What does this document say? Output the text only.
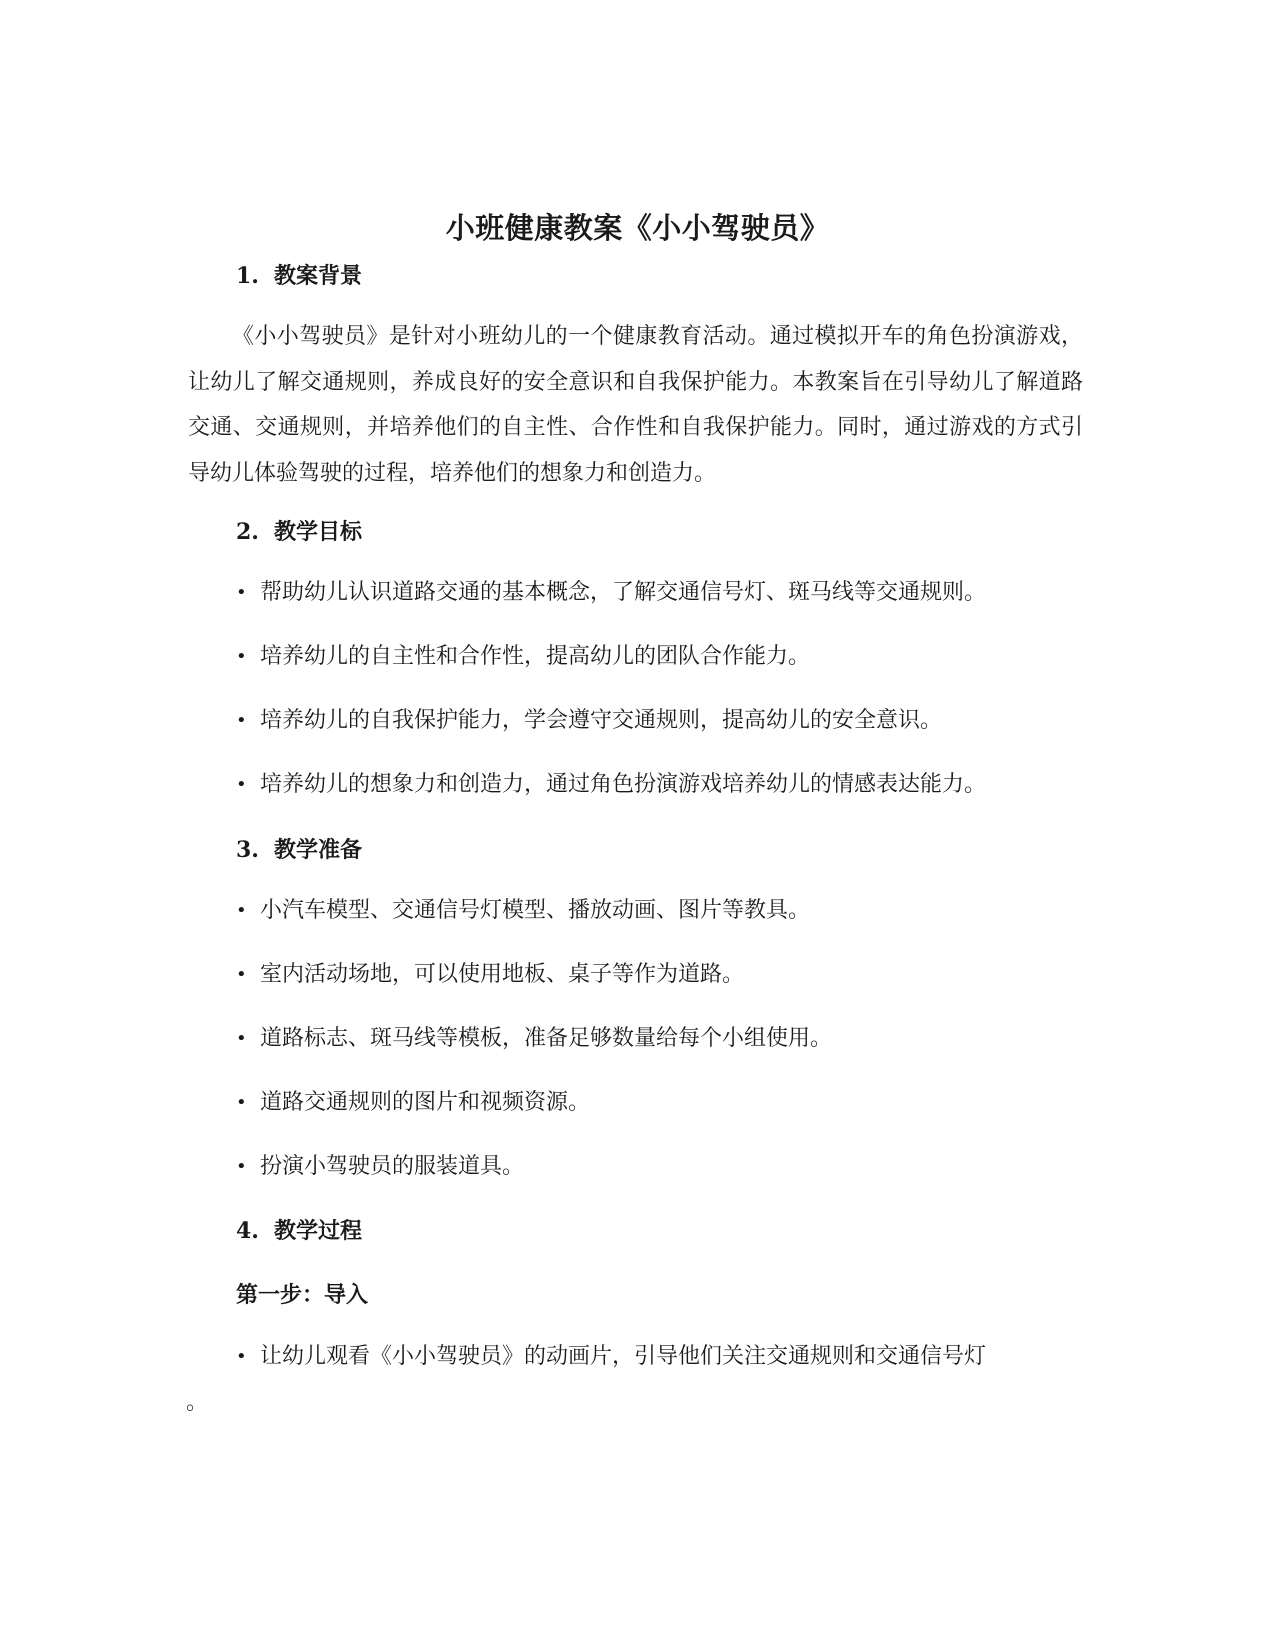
小班健康教案《小小驾驶员》
1. 教案背景

《小小驾驶员》是针对小班幼儿的一个健康教育活动。通过模拟开车的角色扮演游戏，让幼儿了解交通规则，养成良好的安全意识和自我保护能力。本教案旨在引导幼儿了解道路交通、交通规则，并培养他们的自主性、合作性和自我保护能力。同时，通过游戏的方式引导幼儿体验驾驶的过程，培养他们的想象力和创造力。

2. 教学目标
• 帮助幼儿认识道路交通的基本概念，了解交通信号灯、斑马线等交通规则。
• 培养幼儿的自主性和合作性，提高幼儿的团队合作能力。
• 培养幼儿的自我保护能力，学会遵守交通规则，提高幼儿的安全意识。
• 培养幼儿的想象力和创造力，通过角色扮演游戏培养幼儿的情感表达能力。
3. 教学准备
• 小汽车模型、交通信号灯模型、播放动画、图片等教具。
• 室内活动场地，可以使用地板、桌子等作为道路。
• 道路标志、斑马线等模板，准备足够数量给每个小组使用。
• 道路交通规则的图片和视频资源。
• 扮演小驾驶员的服装道具。
4. 教学过程
第一步：导入
• 让幼儿观看《小小驾驶员》的动画片，引导他们关注交通规则和交通信号灯
。
